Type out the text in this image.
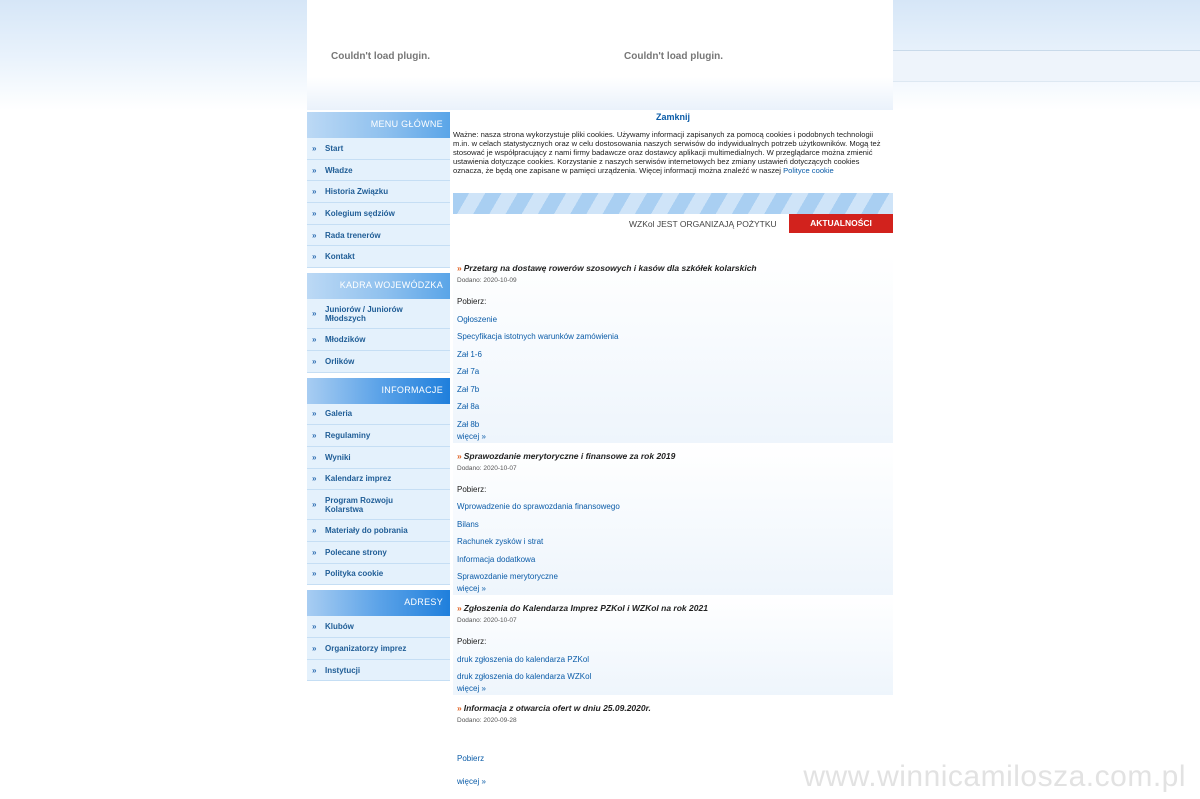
Couldn't load plugin.	Couldn't load plugin.
MENU GŁÓWNE
»	Start
»	Władze
»	Historia Związku
»	Kolegium sędziów
»	Rada trenerów
»	Kontakt
KADRA WOJEWÓDZKA
»	Juniorów / Juniorów Młodszych
»	Młodzików
»	Orlików
INFORMACJE
»	Galeria
»	Regulaminy
»	Wyniki
»	Kalendarz imprez
»	Program Rozwoju Kolarstwa
»	Materiały do pobrania
»	Polecane strony
»	Polityka cookie
ADRESY
»	Klubów
»	Organizatorzy imprez
»	Instytucji
Zamknij
Ważne: nasza strona wykorzystuje pliki cookies. Używamy informacji zapisanych za pomocą cookies i podobnych technologii m.in. w celach statystycznych oraz w celu dostosowania naszych serwisów do indywidualnych potrzeb użytkowników. Mogą też stosować je współpracujący z nami firmy badawcze oraz dostawcy aplikacji multimedialnych. W przeglądarce można zmienić ustawienia dotyczące cookies. Korzystanie z naszych serwisów internetowych bez zmiany ustawień dotyczących cookies oznacza, że będą one zapisane w pamięci urządzenia. Więcej informacji można znaleźć w naszej Polityce cookie
WZKol JEST ORGANIZAJĄ POŻYTKU	AKTUALNOŚCI
» Przetarg na dostawę rowerów szosowych i kasów dla szkółek kolarskich
Dodano: 2020-10-09
Pobierz:
Ogłoszenie
Specyfikacja istotnych warunków zamówienia
Zał 1-6
Zał 7a
Zał 7b
Zał 8a
Zał 8b
więcej »
» Sprawozdanie merytoryczne i finansowe za rok 2019
Dodano: 2020-10-07
Pobierz:
Wprowadzenie do sprawozdania finansowego
Bilans
Rachunek zysków i strat
Informacja dodatkowa
Sprawozdanie merytoryczne
więcej »
» Zgłoszenia do Kalendarza Imprez PZKol i WZKol na rok 2021
Dodano: 2020-10-07
Pobierz:
druk zgłoszenia do kalendarza PZKol
druk zgłoszenia do kalendarza WZKol
więcej »
» Informacja z otwarcia ofert w dniu 25.09.2020r.
Dodano: 2020-09-28
Pobierz
więcej »	www.winnicamilosza.com.pl
